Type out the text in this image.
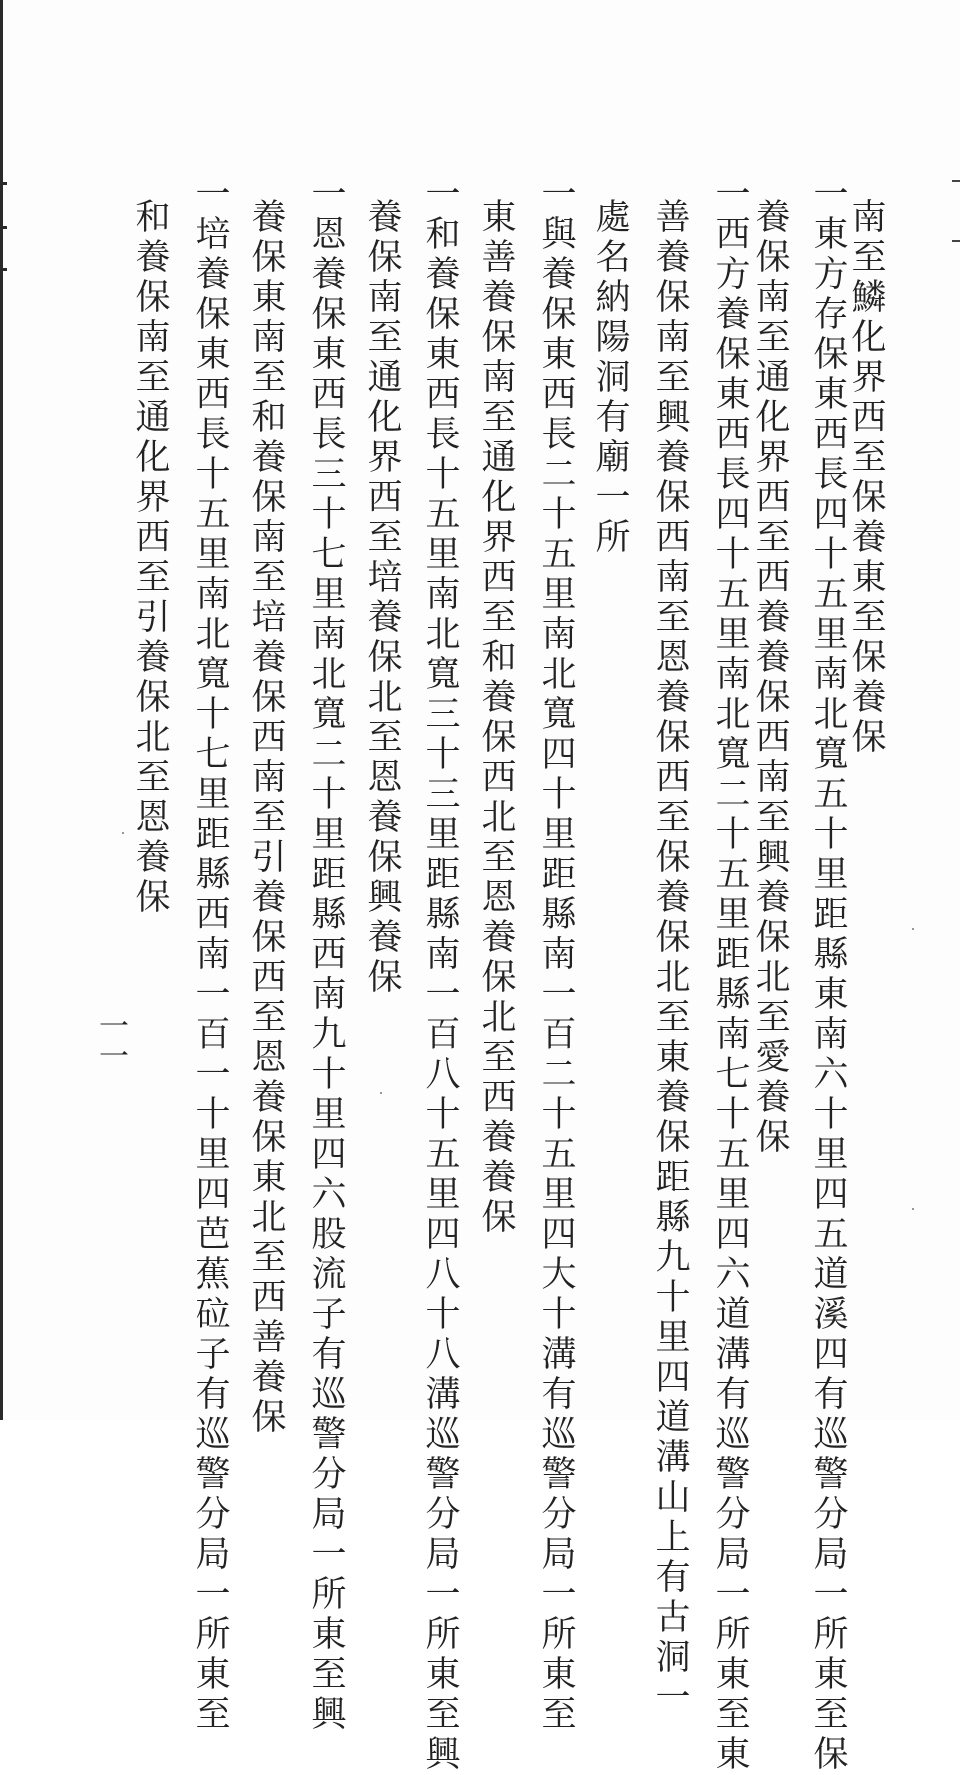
南至鱗化界西至保養東至保養保
一東方存保東西長四十五里南北寬五十里距縣東南六十里四五道溪四有巡警分局一所東至保
養保南至通化界西至西養養保西南至興養保北至愛養保
一西方養保東西長四十五里南北寬二十五里距縣南七十五里四六道溝有巡警分局一所東至東
善養保南至興養保西南至恩養保西至保養保北至東養保距縣九十里四道溝山上有古洞一
處名納陽洞有廟一所
一與養保東西長二十五里南北寬四十里距縣南一百二十五里四大十溝有巡警分局一所東至
東善養保南至通化界西至和養保西北至恩養保北至西養養保
一和養保東西長十五里南北寬三十三里距縣南一百八十五里四八十八溝巡警分局一所東至興
養保南至通化界西至培養保北至恩養保興養保
一恩養保東西長三十七里南北寬二十里距縣西南九十里四六股流子有巡警分局一所東至興
養保東南至和養保南至培養保西南至引養保西至恩養保東北至西善養保
一培養保東西長十五里南北寬十七里距縣西南一百一十里四芭蕉砬子有巡警分局一所東至
和養保南至通化界西至引養保北至恩養保
一一
